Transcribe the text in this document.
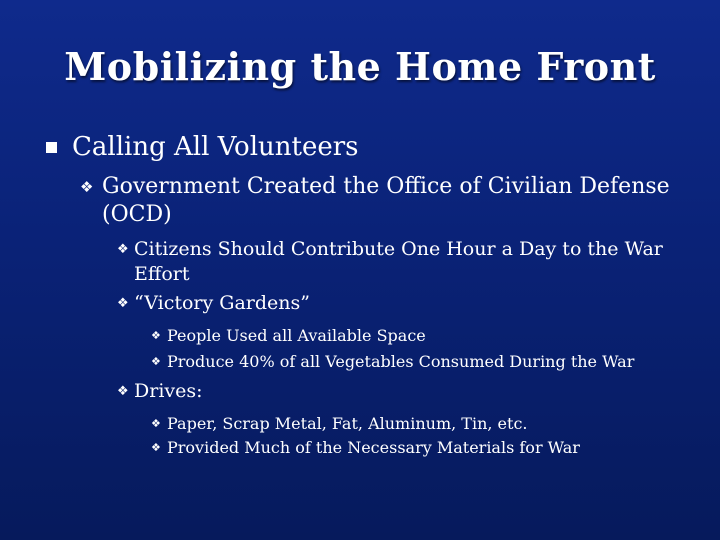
Mobilizing the Home Front
Calling All Volunteers
❖ Government Created the Office of Civilian Defense (OCD)
❖ Citizens Should Contribute One Hour a Day to the War Effort
❖ “Victory Gardens”
❖ People Used all Available Space
❖ Produce 40% of all Vegetables Consumed During the War
❖ Drives:
❖ Paper, Scrap Metal, Fat, Aluminum, Tin, etc.
❖ Provided Much of the Necessary Materials for War
